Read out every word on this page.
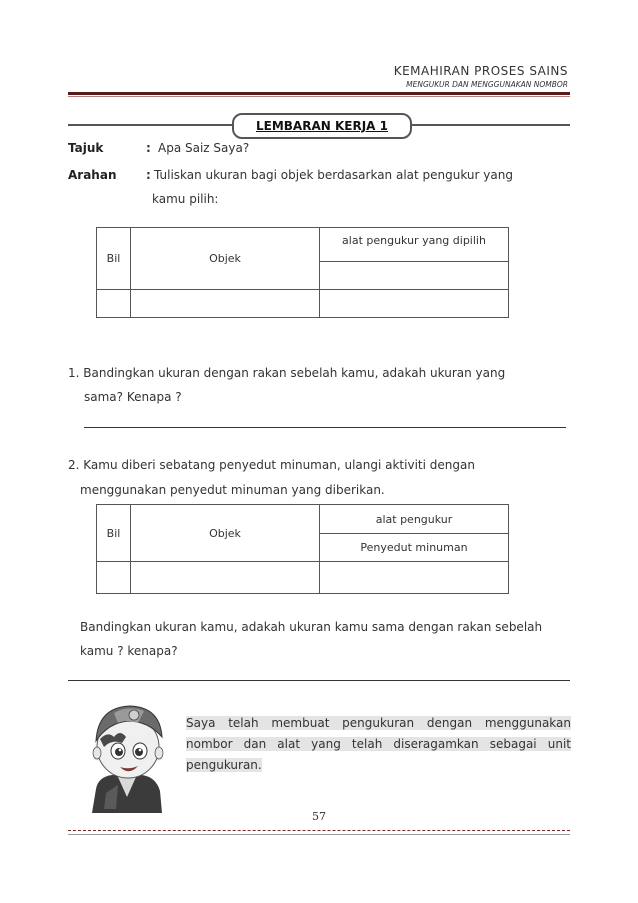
KEMAHIRAN PROSES SAINS
MENGUKUR DAN MENGGUNAKAN NOMBOR
LEMBARAN KERJA 1
Tajuk	: Apa Saiz Saya?
Arahan : Tuliskan ukuran bagi objek berdasarkan alat pengukur yang
kamu pilih:
Bil	Objek	alat pengukur yang dipilih

1. Bandingkan ukuran dengan rakan sebelah kamu, adakah ukuran yang
sama? Kenapa ?
2. Kamu diberi sebatang penyedut minuman, ulangi aktiviti dengan
menggunakan penyedut minuman yang diberikan.
Bil	Objek	alat pengukur
		Penyedut minuman

Bandingkan ukuran kamu, adakah ukuran kamu sama dengan rakan sebelah
kamu ? kenapa?
Saya telah membuat pengukuran dengan menggunakan
nombor dan alat yang telah diseragamkan sebagai unit
pengukuran.
57
